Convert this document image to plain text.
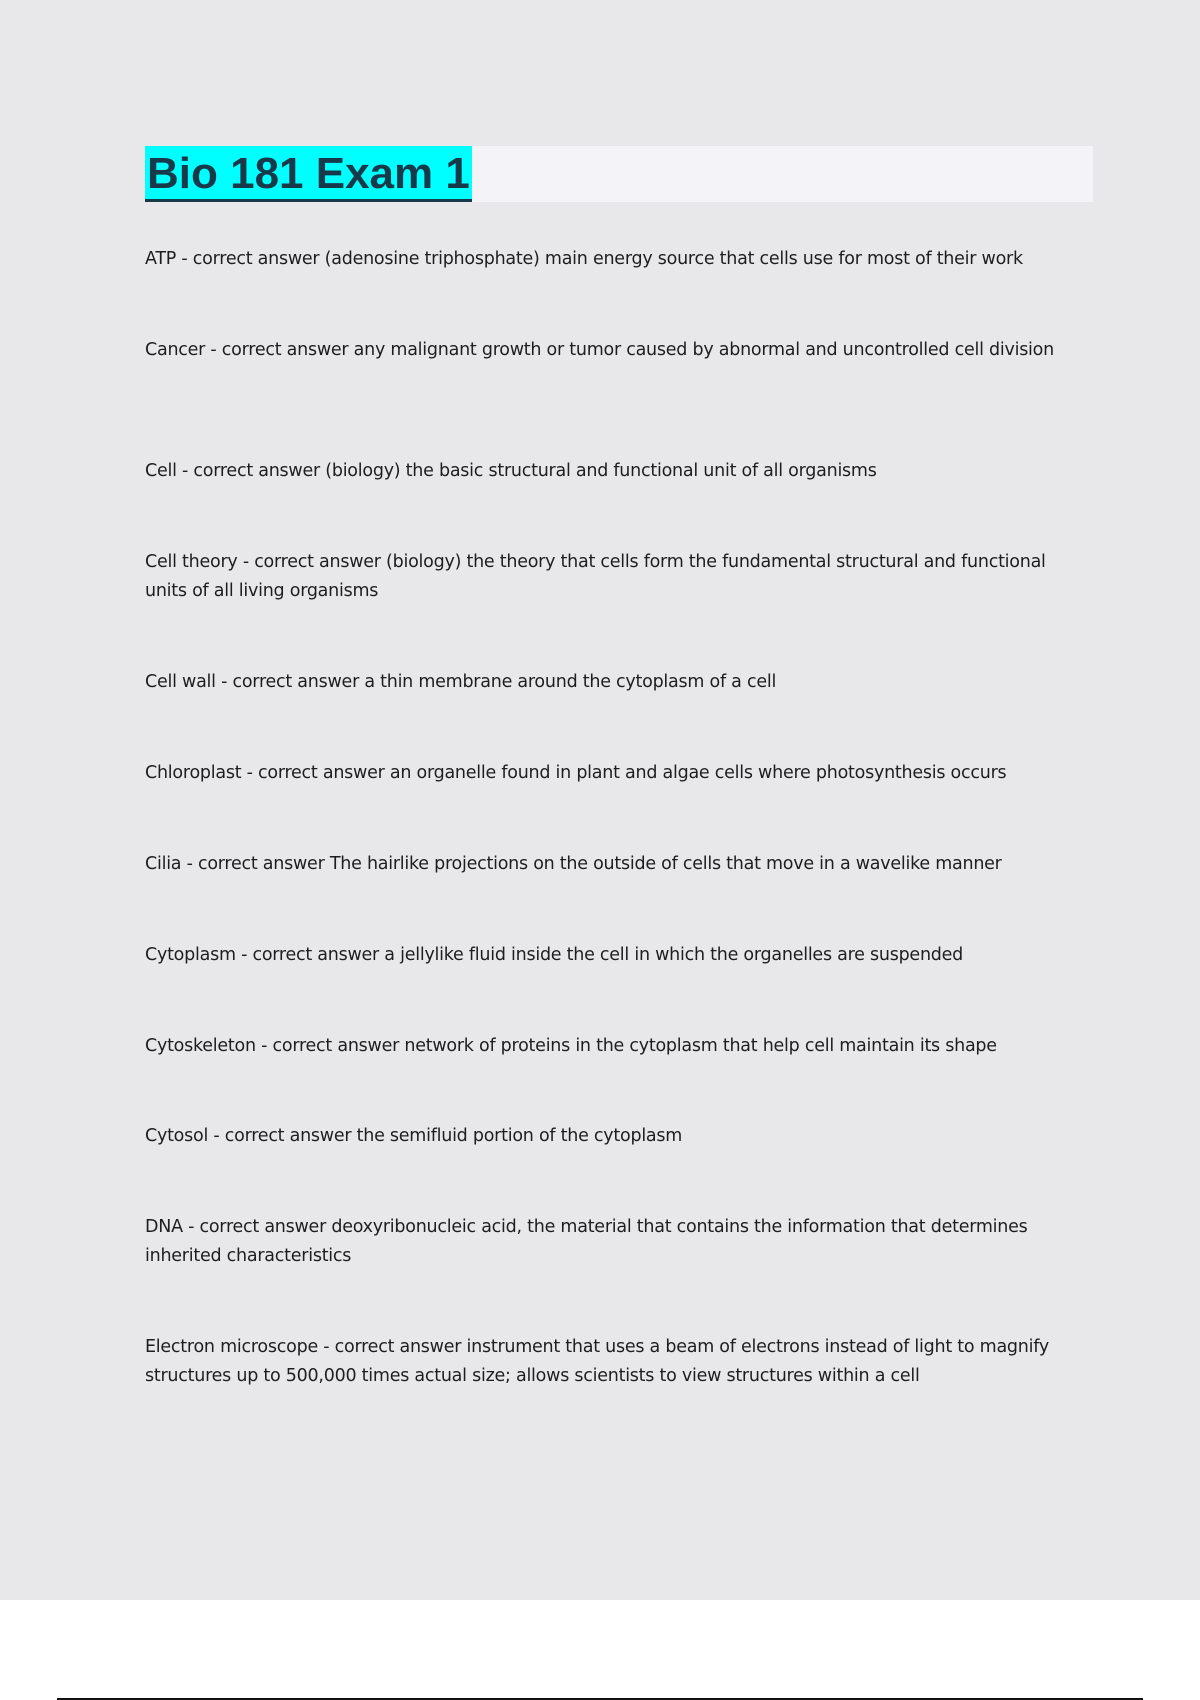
Bio 181 Exam 1

ATP - correct answer (adenosine triphosphate) main energy source that cells use for most of their work

Cancer - correct answer any malignant growth or tumor caused by abnormal and uncontrolled cell division

Cell - correct answer (biology) the basic structural and functional unit of all organisms

Cell theory - correct answer (biology) the theory that cells form the fundamental structural and functional units of all living organisms

Cell wall - correct answer a thin membrane around the cytoplasm of a cell

Chloroplast - correct answer an organelle found in plant and algae cells where photosynthesis occurs

Cilia - correct answer The hairlike projections on the outside of cells that move in a wavelike manner

Cytoplasm - correct answer a jellylike fluid inside the cell in which the organelles are suspended

Cytoskeleton - correct answer network of proteins in the cytoplasm that help cell maintain its shape

Cytosol - correct answer the semifluid portion of the cytoplasm

DNA - correct answer deoxyribonucleic acid, the material that contains the information that determines inherited characteristics

Electron microscope - correct answer instrument that uses a beam of electrons instead of light to magnify structures up to 500,000 times actual size; allows scientists to view structures within a cell
